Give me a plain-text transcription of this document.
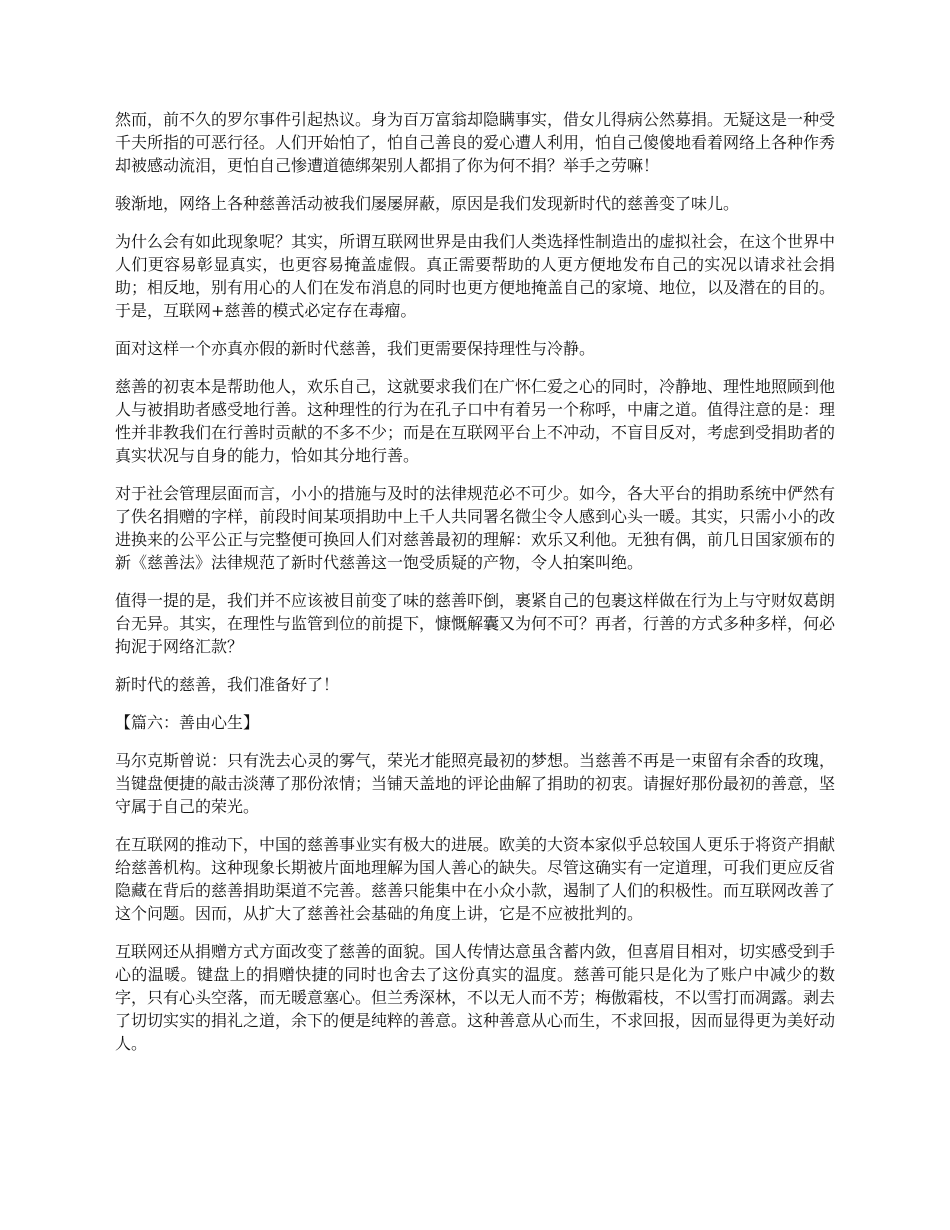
然而，前不久的罗尔事件引起热议。身为百万富翁却隐瞒事实，借女儿得病公然募捐。无疑这是一种受千夫所指的可恶行径。人们开始怕了，怕自己善良的爱心遭人利用，怕自己傻傻地看着网络上各种作秀却被感动流泪，更怕自己惨遭道德绑架别人都捐了你为何不捐？举手之劳嘛！

骏渐地，网络上各种慈善活动被我们屡屡屏蔽，原因是我们发现新时代的慈善变了味儿。

为什么会有如此现象呢？其实，所谓互联网世界是由我们人类选择性制造出的虚拟社会，在这个世界中人们更容易彰显真实，也更容易掩盖虚假。真正需要帮助的人更方便地发布自己的实况以请求社会捐助；相反地，别有用心的人们在发布消息的同时也更方便地掩盖自己的家境、地位，以及潜在的目的。于是，互联网+慈善的模式必定存在毒瘤。

面对这样一个亦真亦假的新时代慈善，我们更需要保持理性与冷静。

慈善的初衷本是帮助他人，欢乐自己，这就要求我们在广怀仁爱之心的同时，冷静地、理性地照顾到他人与被捐助者感受地行善。这种理性的行为在孔子口中有着另一个称呼，中庸之道。值得注意的是：理性并非教我们在行善时贡献的不多不少；而是在互联网平台上不冲动，不盲目反对，考虑到受捐助者的真实状况与自身的能力，恰如其分地行善。

对于社会管理层面而言，小小的措施与及时的法律规范必不可少。如今，各大平台的捐助系统中俨然有了佚名捐赠的字样，前段时间某项捐助中上千人共同署名微尘令人感到心头一暖。其实，只需小小的改进换来的公平公正与完整便可换回人们对慈善最初的理解：欢乐又利他。无独有偶，前几日国家颁布的新《慈善法》法律规范了新时代慈善这一饱受质疑的产物，令人拍案叫绝。

值得一提的是，我们并不应该被目前变了味的慈善吓倒，裹紧自己的包裹这样做在行为上与守财奴葛朗台无异。其实，在理性与监管到位的前提下，慷慨解囊又为何不可？再者，行善的方式多种多样，何必拘泥于网络汇款？

新时代的慈善，我们准备好了！

【篇六：善由心生】

马尔克斯曾说：只有洗去心灵的雾气，荣光才能照亮最初的梦想。当慈善不再是一束留有余香的玫瑰，当键盘便捷的敲击淡薄了那份浓情；当铺天盖地的评论曲解了捐助的初衷。请握好那份最初的善意，坚守属于自己的荣光。

在互联网的推动下，中国的慈善事业实有极大的进展。欧美的大资本家似乎总较国人更乐于将资产捐献给慈善机构。这种现象长期被片面地理解为国人善心的缺失。尽管这确实有一定道理，可我们更应反省隐藏在背后的慈善捐助渠道不完善。慈善只能集中在小众小款，遏制了人们的积极性。而互联网改善了这个问题。因而，从扩大了慈善社会基础的角度上讲，它是不应被批判的。

互联网还从捐赠方式方面改变了慈善的面貌。国人传情达意虽含蓄内敛，但喜眉目相对，切实感受到手心的温暖。键盘上的捐赠快捷的同时也舍去了这份真实的温度。慈善可能只是化为了账户中减少的数字，只有心头空落，而无暖意塞心。但兰秀深林，不以无人而不芳；梅傲霜枝，不以雪打而凋露。剥去了切切实实的捐礼之道，余下的便是纯粹的善意。这种善意从心而生，不求回报，因而显得更为美好动人。
